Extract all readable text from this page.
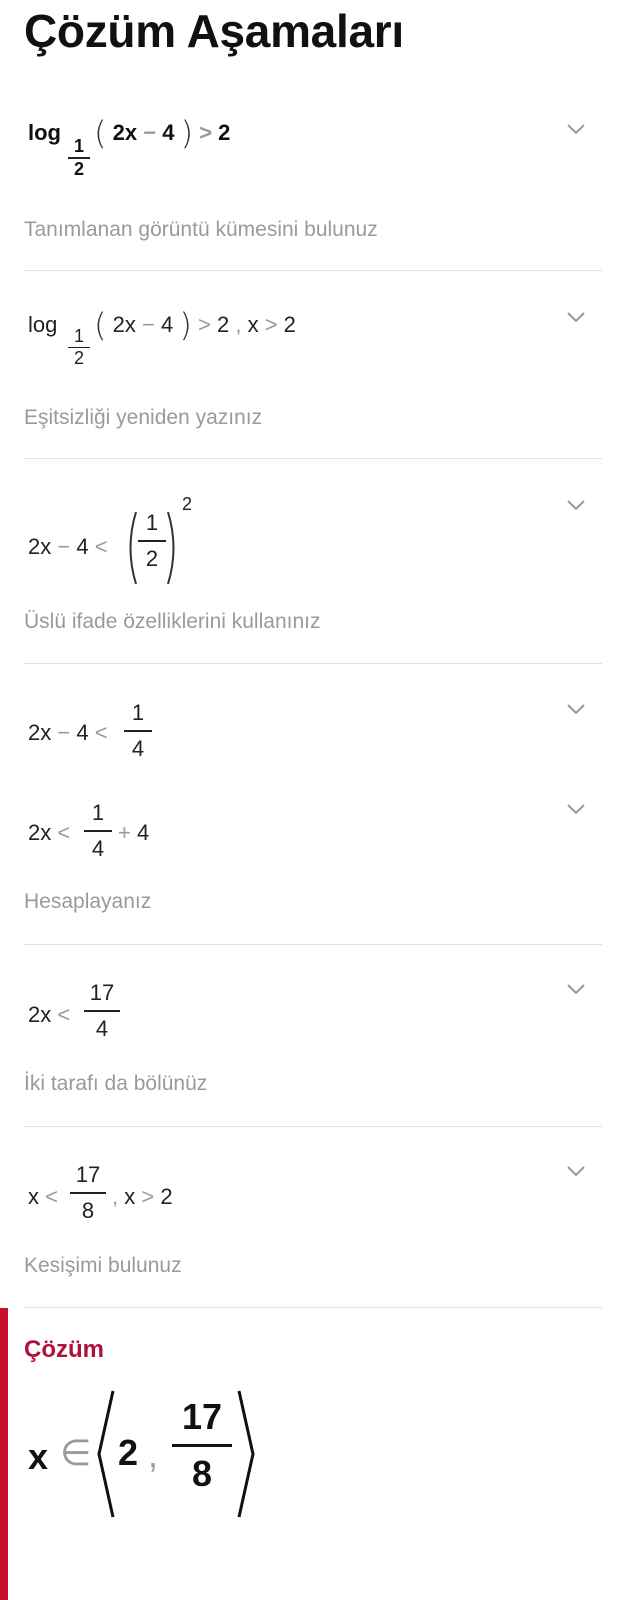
Çözüm Aşamaları
log
1
2
( 2x − 4 ) > 2
Tanımlanan görüntü kümesini bulunuz
log 1
2
( 2x − 4 ) > 2 , x > 2
Eşitsizliği yeniden yazınız
2x − 4 <
1
2
2
Üslü ifade özelliklerini kullanınız
2x − 4 <
1
4
2x <
1
4
+ 4
Hesaplayanız
2x <
17
4
İki tarafı da bölünüz
x <
17
8
, x > 2
Kesişimi bulunuz
Çözüm
x ∈ 2 ,
17
8
